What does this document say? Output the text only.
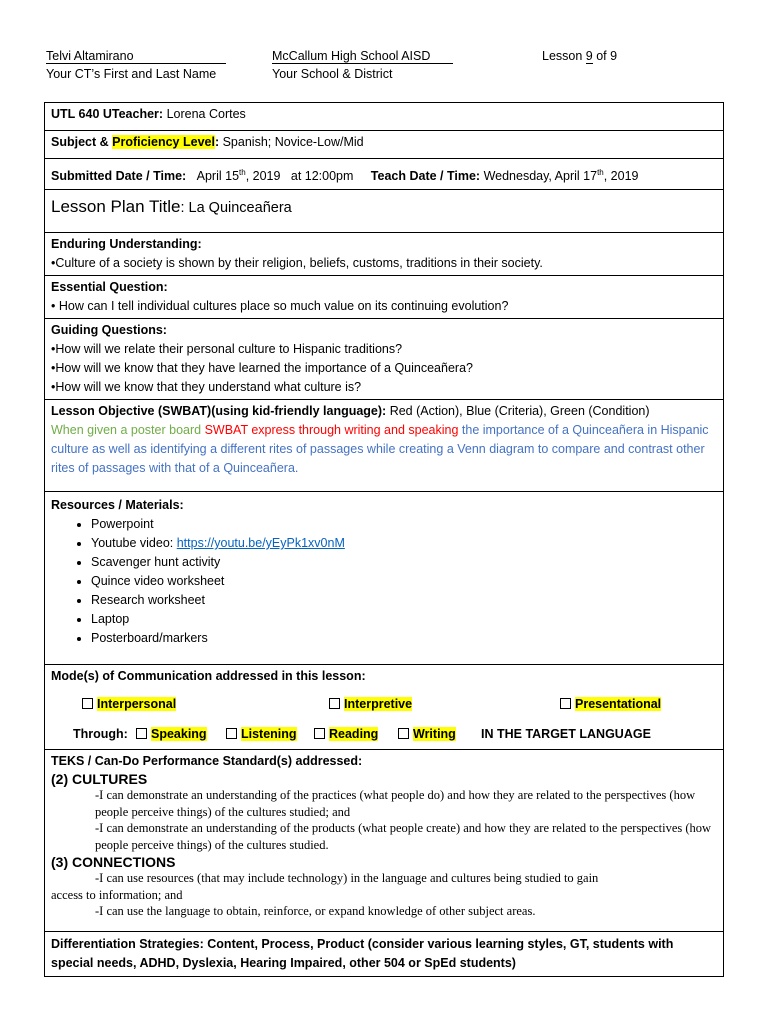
Telvi Altamirano
Your CT’s First and Last Name
McCallum High School AISD
Your School & District
Lesson 9 of 9
UTL 640 UTeacher: Lorena Cortes
Subject & Proficiency Level: Spanish; Novice-Low/Mid
Submitted Date / Time: April 15th, 2019   at 12:00pm Teach Date / Time: Wednesday, April 17th, 2019
Lesson Plan Title: La Quinceañera
Enduring Understanding:
•Culture of a society is shown by their religion, beliefs, customs, traditions in their society.
Essential Question:
• How can I tell individual cultures place so much value on its continuing evolution?
Guiding Questions:
•How will we relate their personal culture to Hispanic traditions?
•How will we know that they have learned the importance of a Quinceañera?
•How will we know that they understand what culture is?
Lesson Objective (SWBAT)(using kid-friendly language): Red (Action), Blue (Criteria), Green (Condition)
When given a poster board SWBAT express through writing and speaking the importance of a Quinceañera in Hispanic culture as well as identifying a different rites of passages while creating a Venn diagram to compare and contrast other rites of passages with that of a Quinceañera.
Resources / Materials:
• Powerpoint
• Youtube video: https://youtu.be/yEyPk1xv0nM
• Scavenger hunt activity
• Quince video worksheet
• Research worksheet
• Laptop
• Posterboard/markers

Mode(s) of Communication addressed in this lesson:
Interpersonal	Interpretive	Presentational
Through:	Speaking	Listening	Reading	Writing IN THE TARGET LANGUAGE

TEKS / Can-Do Performance Standard(s) addressed:

(2) CULTURES
-I can demonstrate an understanding of the practices (what people do) and how they are related to the perspectives (how people perceive things) of the cultures studied; and
-I can demonstrate an understanding of the products (what people create) and how they are related to the perspectives (how people perceive things) of the cultures studied.
(3) CONNECTIONS
-I can use resources (that may include technology) in the language and cultures being studied to gain
access to information; and
-I can use the language to obtain, reinforce, or expand knowledge of other subject areas.

Differentiation Strategies: Content, Process, Product (consider various learning styles, GT, students with special needs, ADHD, Dyslexia, Hearing Impaired, other 504 or SpEd students)
